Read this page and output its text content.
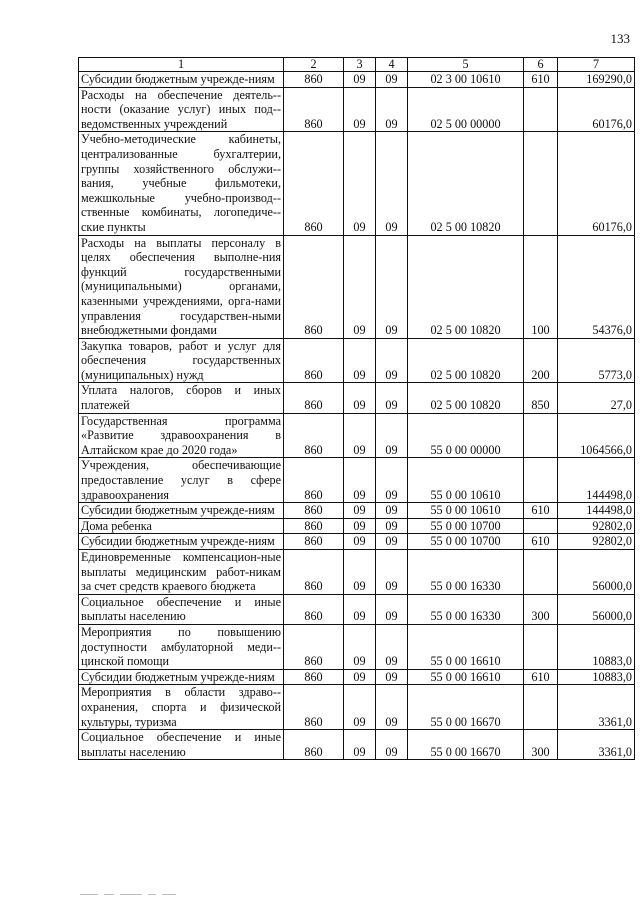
133
1	2	3	4	5	6	7
Субсидии бюджетным учрежде-ниям	860	09	09	02 3 00 10610	610	169290,0
Расходы на обеспечение деятель-ности (оказание услуг) иных под-ведомственных учреждений	860	09	09	02 5 00 00000		60176,0
Учебно-методические кабинеты, централизованные бухгалтерии, группы хозяйственного обслужи-вания, учебные фильмотеки, межшкольные учебно-производ-ственные комбинаты, логопедиче-ские пункты	860	09	09	02 5 00 10820		60176,0
Расходы на выплаты персоналу в целях обеспечения выполне-ния функций государственными (муниципальными) органами, казенными учреждениями, орга-нами управления государствен-ными внебюджетными фондами	860	09	09	02 5 00 10820	100	54376,0
Закупка товаров, работ и услуг для обеспечения государственных (муниципальных) нужд	860	09	09	02 5 00 10820	200	5773,0
Уплата налогов, сборов и иных платежей	860	09	09	02 5 00 10820	850	27,0
Государственная программа «Развитие здравоохранения в Алтайском крае до 2020 года»	860	09	09	55 0 00 00000		1064566,0
Учреждения, обеспечивающие предоставление услуг в сфере здравоохранения	860	09	09	55 0 00 10610		144498,0
Субсидии бюджетным учрежде-ниям	860	09	09	55 0 00 10610	610	144498,0
Дома ребенка	860	09	09	55 0 00 10700		92802,0
Субсидии бюджетным учрежде-ниям	860	09	09	55 0 00 10700	610	92802,0
Единовременные компенсацион-ные выплаты медицинским работ-никам за счет средств краевого бюджета	860	09	09	55 0 00 16330		56000,0
Социальное обеспечение и иные выплаты населению	860	09	09	55 0 00 16330	300	56000,0
Мероприятия по повышению доступности амбулаторной меди-цинской помощи	860	09	09	55 0 00 16610		10883,0
Субсидии бюджетным учрежде-ниям	860	09	09	55 0 00 16610	610	10883,0
Мероприятия в области здраво-охранения, спорта и физической культуры, туризма	860	09	09	55 0 00 16670		3361,0
Социальное обеспечение и иные выплаты населению	860	09	09	55 0 00 16670	300	3361,0
